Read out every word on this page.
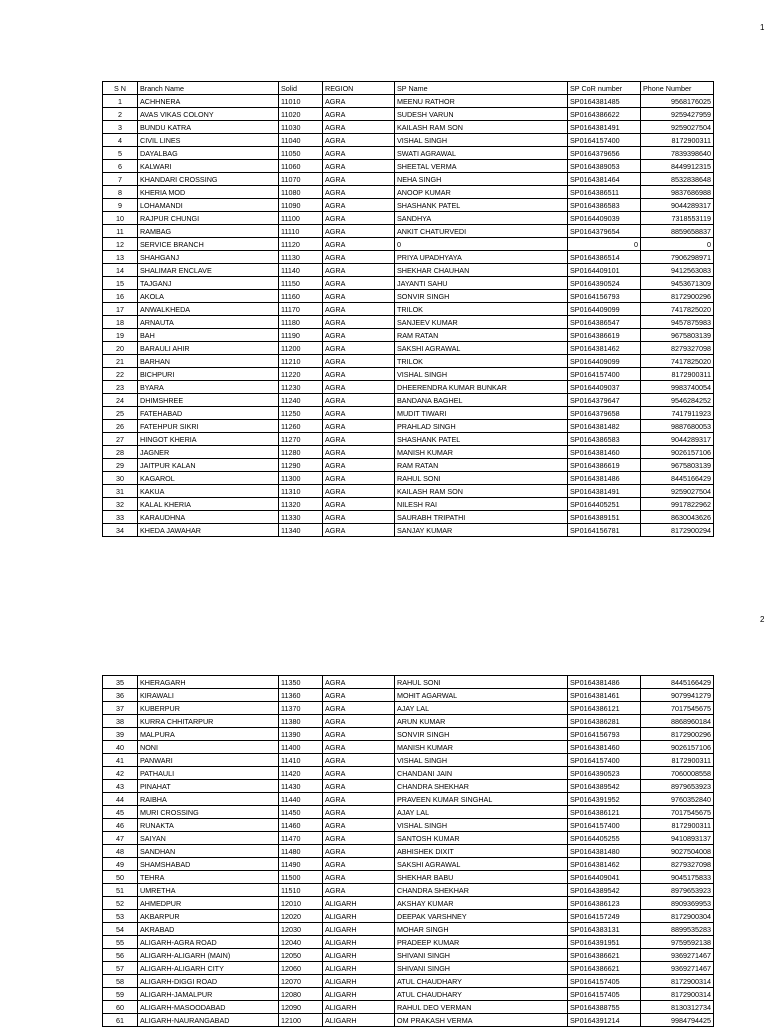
1
2
S N	Branch Name	Solid	REGION	SP Name	SP CoR number	Phone Number
1	ACHHNERA	11010	AGRA	MEENU RATHOR	SP0164381485	9568176025
2	AVAS VIKAS COLONY	11020	AGRA	SUDESH VARUN	SP0164386622	9259427959
3	BUNDU KATRA	11030	AGRA	KAILASH RAM SON	SP0164381491	9259027504
4	CIVIL LINES	11040	AGRA	VISHAL SINGH	SP0164157400	8172900311
5	DAYALBAG	11050	AGRA	SWATI AGRAWAL	SP0164379656	7839398640
6	KALWARI	11060	AGRA	SHEETAL VERMA	SP0164389053	8449912315
7	KHANDARI CROSSING	11070	AGRA	NEHA SINGH	SP0164381464	8532838648
8	KHERIA MOD	11080	AGRA	ANOOP KUMAR	SP0164386511	9837686988
9	LOHAMANDI	11090	AGRA	SHASHANK PATEL	SP0164386583	9044289317
10	RAJPUR CHUNGI	11100	AGRA	SANDHYA	SP0164409039	7318553119
11	RAMBAG	11110	AGRA	ANKIT CHATURVEDI	SP0164379654	8859658837
12	SERVICE BRANCH	11120	AGRA	0	0	0
13	SHAHGANJ	11130	AGRA	PRIYA UPADHYAYA	SP0164386514	7906298971
14	SHALIMAR ENCLAVE	11140	AGRA	SHEKHAR CHAUHAN	SP0164409101	9412563083
15	TAJGANJ	11150	AGRA	JAYANTI SAHU	SP0164390524	9453671309
16	AKOLA	11160	AGRA	SONVIR SINGH	SP0164156793	8172900296
17	ANWALKHEDA	11170	AGRA	TRILOK	SP0164409099	7417825020
18	ARNAUTA	11180	AGRA	SANJEEV KUMAR	SP0164386547	9457875983
19	BAH	11190	AGRA	RAM RATAN	SP0164386619	9675803139
20	BARAULI AHIR	11200	AGRA	SAKSHI AGRAWAL	SP0164381462	8279327098
21	BARHAN	11210	AGRA	TRILOK	SP0164409099	7417825020
22	BICHPURI	11220	AGRA	VISHAL SINGH	SP0164157400	8172900311
23	BYARA	11230	AGRA	DHEERENDRA KUMAR BUNKAR	SP0164409037	9983740054
24	DHIMSHREE	11240	AGRA	BANDANA BAGHEL	SP0164379647	9546284252
25	FATEHABAD	11250	AGRA	MUDIT TIWARI	SP0164379658	7417911923
26	FATEHPUR SIKRI	11260	AGRA	PRAHLAD SINGH	SP0164381482	9887680053
27	HINGOT KHERIA	11270	AGRA	SHASHANK PATEL	SP0164386583	9044289317
28	JAGNER	11280	AGRA	MANISH KUMAR	SP0164381460	9026157106
29	JAITPUR KALAN	11290	AGRA	RAM RATAN	SP0164386619	9675803139
30	KAGAROL	11300	AGRA	RAHUL SONI	SP0164381486	8445166429
31	KAKUA	11310	AGRA	KAILASH RAM SON	SP0164381491	9259027504
32	KALAL KHERIA	11320	AGRA	NILESH RAI	SP0164405251	9917822962
33	KARAUDHNA	11330	AGRA	SAURABH TRIPATHI	SP0164389151	8630043626
34	KHEDA JAWAHAR	11340	AGRA	SANJAY KUMAR	SP0164156781	8172900294
35	KHERAGARH	11350	AGRA	RAHUL SONI	SP0164381486	8445166429
36	KIRAWALI	11360	AGRA	MOHIT AGARWAL	SP0164381461	9079941279
37	KUBERPUR	11370	AGRA	AJAY LAL	SP0164386121	7017545675
38	KURRA CHHITARPUR	11380	AGRA	ARUN KUMAR	SP0164386281	8868960184
39	MALPURA	11390	AGRA	SONVIR SINGH	SP0164156793	8172900296
40	NONI	11400	AGRA	MANISH KUMAR	SP0164381460	9026157106
41	PANWARI	11410	AGRA	VISHAL SINGH	SP0164157400	8172900311
42	PATHAULI	11420	AGRA	CHANDANI JAIN	SP0164390523	7060008558
43	PINAHAT	11430	AGRA	CHANDRA SHEKHAR	SP0164389542	8979653923
44	RAIBHA	11440	AGRA	PRAVEEN KUMAR SINGHAL	SP0164391952	9760352840
45	MURI CROSSING	11450	AGRA	AJAY LAL	SP0164386121	7017545675
46	RUNAKTA	11460	AGRA	VISHAL SINGH	SP0164157400	8172900311
47	SAIYAN	11470	AGRA	SANTOSH KUMAR	SP0164405255	9410893137
48	SANDHAN	11480	AGRA	ABHISHEK DIXIT	SP0164381480	9027504008
49	SHAMSHABAD	11490	AGRA	SAKSHI AGRAWAL	SP0164381462	8279327098
50	TEHRA	11500	AGRA	SHEKHAR BABU	SP0164409041	9045175833
51	UMRETHA	11510	AGRA	CHANDRA SHEKHAR	SP0164389542	8979653923
52	AHMEDPUR	12010	ALIGARH	AKSHAY KUMAR	SP0164386123	8909369953
53	AKBARPUR	12020	ALIGARH	DEEPAK VARSHNEY	SP0164157249	8172900304
54	AKRABAD	12030	ALIGARH	MOHAR SINGH	SP0164383131	8899535283
55	ALIGARH-AGRA ROAD	12040	ALIGARH	PRADEEP KUMAR	SP0164391951	9759592138
56	ALIGARH-ALIGARH (MAIN)	12050	ALIGARH	SHIVANI SINGH	SP0164386621	9369271467
57	ALIGARH-ALIGARH CITY	12060	ALIGARH	SHIVANI SINGH	SP0164386621	9369271467
58	ALIGARH-DIGGI ROAD	12070	ALIGARH	ATUL CHAUDHARY	SP0164157405	8172900314
59	ALIGARH-JAMALPUR	12080	ALIGARH	ATUL CHAUDHARY	SP0164157405	8172900314
60	ALIGARH-MASOODABAD	12090	ALIGARH	RAHUL DEO VERMAN	SP0164388755	8130312734
61	ALIGARH-NAURANGABAD	12100	ALIGARH	OM PRAKASH VERMA	SP0164391214	9984794425
